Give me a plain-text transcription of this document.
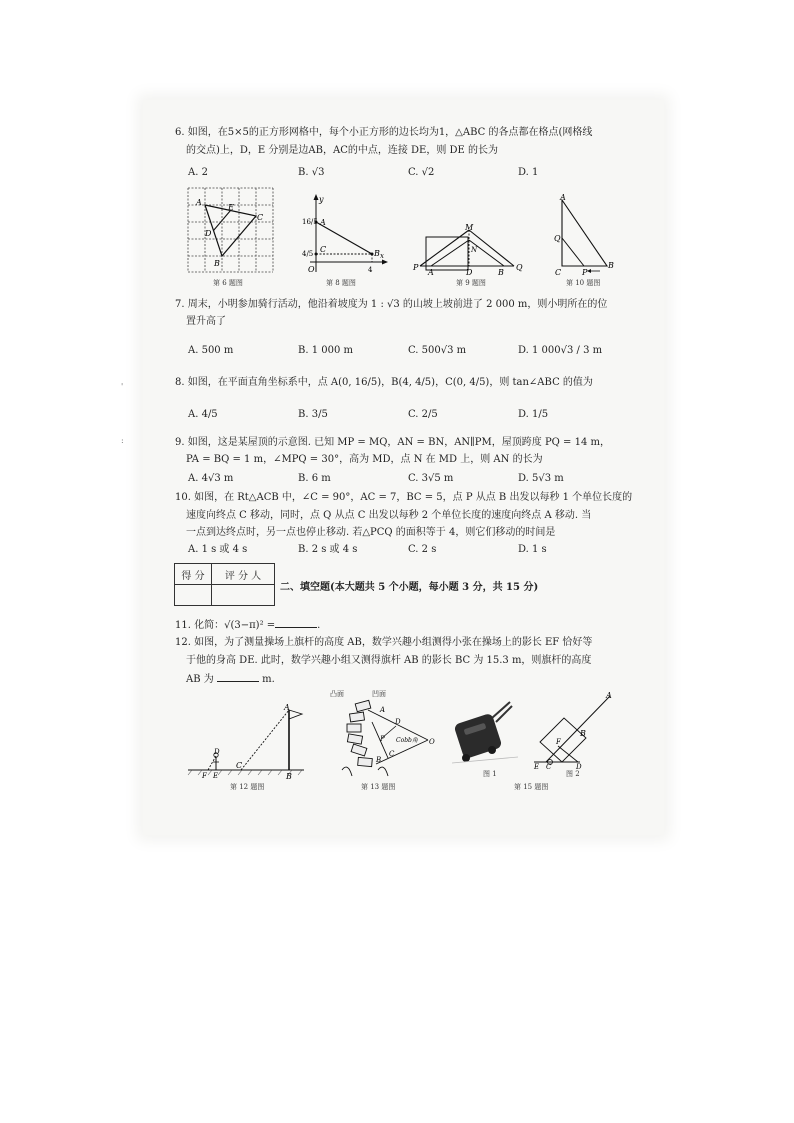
'
:
6. 如图，在5×5的正方形网格中，每个小正方形的边长均为1，△ABC 的各点都在格点(网格线
的交点)上，D，E 分别是边AB，AC的中点，连接 DE，则 DE 的长为
A. 2	B. √3	C. √2	D. 1
A
E
C
D
B
第 6 题图
y
16/5 A
4/5 C	B
O	4
x
第 8 题图
M
N
P
A	D	B
Q
第 9 题图
A
Q
C	P
B
第 10 题图
7. 周末，小明参加骑行活动，他沿着坡度为 1 : √3 的山坡上坡前进了 2 000 m，则小明所在的位
置升高了
A. 500 m	B. 1 000 m	C. 500√3 m	D. 1 000√3 / 3 m
8. 如图，在平面直角坐标系中，点 A(0, 16/5)，B(4, 4/5)，C(0, 4/5)，则 tan∠ABC 的值为
A. 4/5	B. 3/5	C. 2/5	D. 1/5
9. 如图，这是某屋顶的示意图. 已知 MP = MQ，AN = BN，AN∥PM，屋顶跨度 PQ = 14 m，
PA = BQ = 1 m，∠MPQ = 30°，高为 MD，点 N 在 MD 上，则 AN 的长为
A. 4√3 m	B. 6 m	C. 3√5 m	D. 5√3 m
10. 如图，在 Rt△ACB 中，∠C = 90°，AC = 7，BC = 5，点 P 从点 B 出发以每秒 1 个单位长度的
速度向终点 C 移动，同时，点 Q 从点 C 出发以每秒 2 个单位长度的速度向终点 A 移动. 当
一点到达终点时，另一点也停止移动. 若△PCQ 的面积等于 4，则它们移动的时间是
A. 1 s 或 4 s	B. 2 s 或 4 s	C. 2 s	D. 1 s
得 分	评 分 人

二、填空题(本大题共 5 个小题，每小题 3 分，共 15 分)
11. 化简：√(3−π)² =	.
12. 如图，为了测量操场上旗杆的高度 AB，数学兴趣小组测得小张在操场上的影长 EF 恰好等
于他的身高 DE. 此时，数学兴趣小组又测得旗杆 AB 的影长 BC 为 15.3 m，则旗杆的高度
AB 为	m.
A
D
F E
C
B
第 12 题图
凸面	凹面
A
D
P Cobb角 O
C
B
第 13 题图
图 1
A
B
F
E C	D
图 2
第 15 题图
